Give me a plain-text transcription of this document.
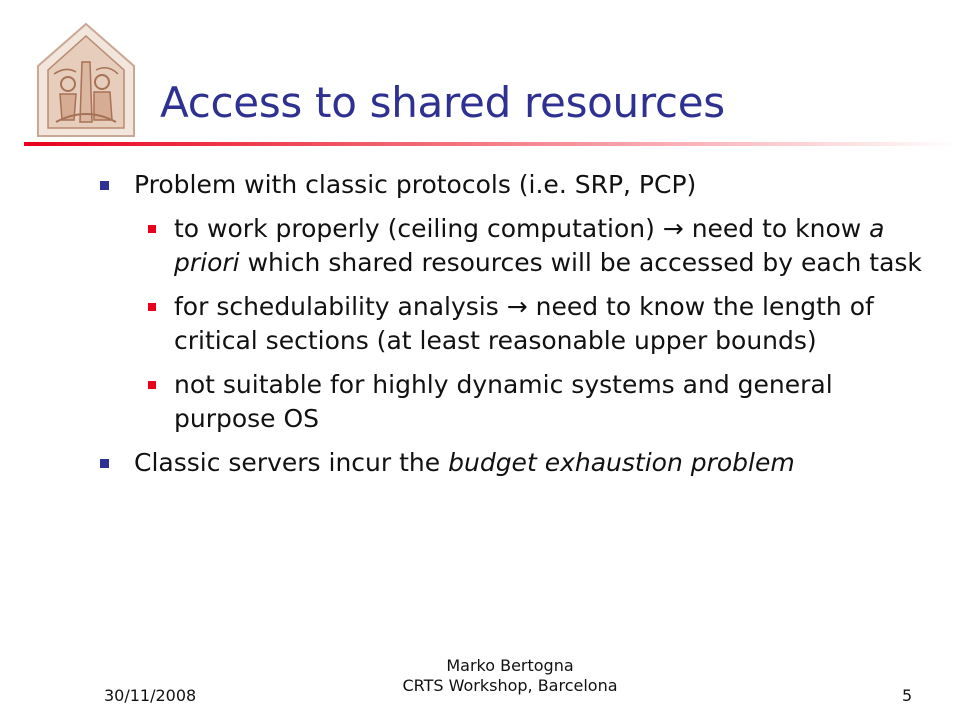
Access to shared resources
Problem with classic protocols (i.e. SRP, PCP)
to work properly (ceiling computation) → need to know a priori which shared resources will be accessed by each task
for schedulability analysis → need to know the length of critical sections (at least reasonable upper bounds)
not suitable for highly dynamic systems and general purpose OS
Classic servers incur the budget exhaustion problem
30/11/2008
Marko Bertogna
CRTS Workshop, Barcelona
5
